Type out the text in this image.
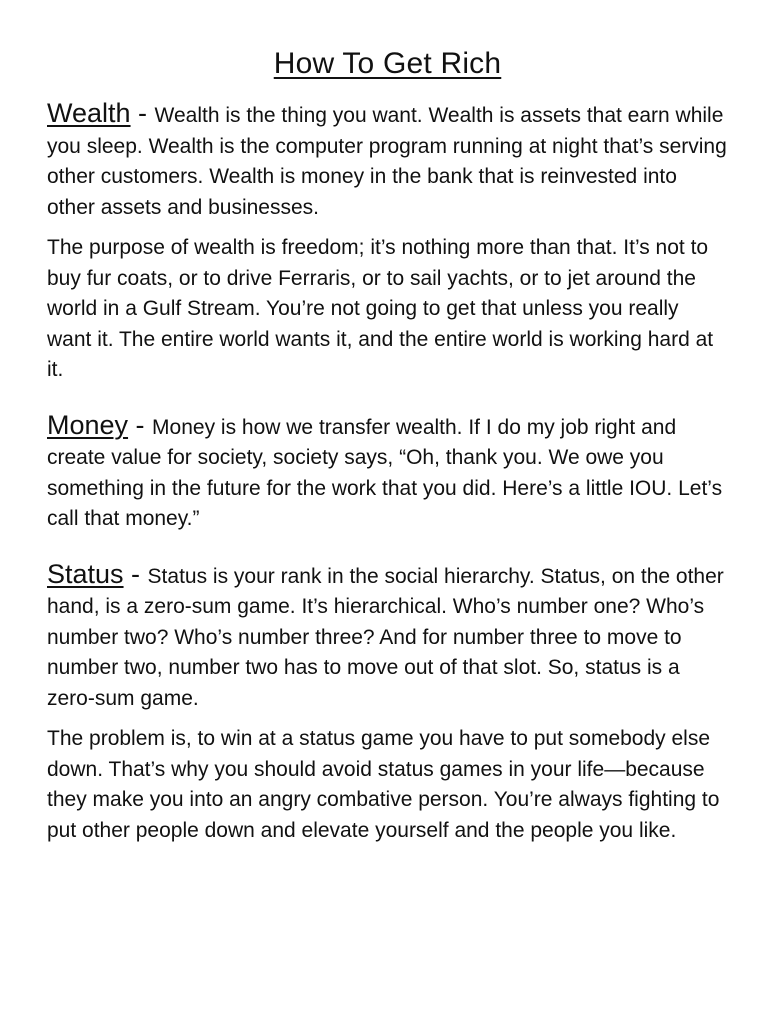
How To Get Rich

Wealth - Wealth is the thing you want. Wealth is assets that earn while you sleep. Wealth is the computer program running at night that’s serving other customers. Wealth is money in the bank that is reinvested into other assets and businesses.

The purpose of wealth is freedom; it’s nothing more than that. It’s not to buy fur coats, or to drive Ferraris, or to sail yachts, or to jet around the world in a Gulf Stream. You’re not going to get that unless you really want it. The entire world wants it, and the entire world is working hard at it.

Money - Money is how we transfer wealth. If I do my job right and create value for society, society says, “Oh, thank you. We owe you something in the future for the work that you did. Here’s a little IOU. Let’s call that money.”

Status - Status is your rank in the social hierarchy. Status, on the other hand, is a zero-sum game. It’s hierarchical. Who’s number one? Who’s number two? Who’s number three? And for number three to move to number two, number two has to move out of that slot. So, status is a zero-sum game.

The problem is, to win at a status game you have to put somebody else down. That’s why you should avoid status games in your life—because they make you into an angry combative person. You’re always fighting to put other people down and elevate yourself and the people you like.
